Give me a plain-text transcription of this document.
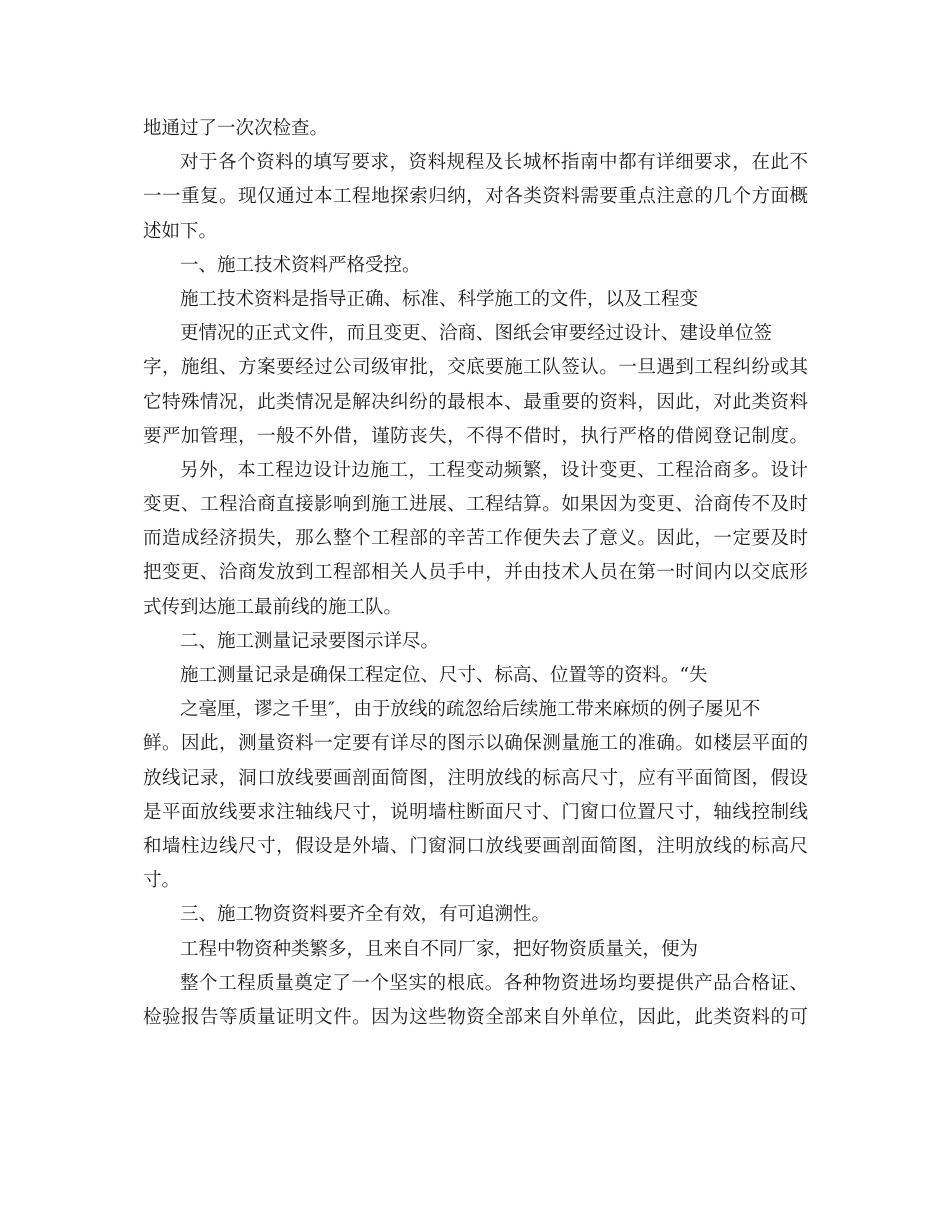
地通过了一次次检查。
对于各个资料的填写要求，资料规程及长城杯指南中都有详细要求，在此不
一一重复。现仅通过本工程地探索归纳，对各类资料需要重点注意的几个方面概
述如下。
一、施工技术资料严格受控。
施工技术资料是指导正确、标准、科学施工的文件，以及工程变
更情况的正式文件，而且变更、洽商、图纸会审要经过设计、建设单位签
字，施组、方案要经过公司级审批，交底要施工队签认。一旦遇到工程纠纷或其
它特殊情况，此类情况是解决纠纷的最根本、最重要的资料，因此，对此类资料
要严加管理，一般不外借，谨防丧失，不得不借时，执行严格的借阅登记制度。
另外，本工程边设计边施工，工程变动频繁，设计变更、工程洽商多。设计
变更、工程洽商直接影响到施工进展、工程结算。如果因为变更、洽商传不及时
而造成经济损失，那么整个工程部的辛苦工作便失去了意义。因此，一定要及时
把变更、洽商发放到工程部相关人员手中，并由技术人员在第一时间内以交底形
式传到达施工最前线的施工队。
二、施工测量记录要图示详尽。
施工测量记录是确保工程定位、尺寸、标高、位置等的资料。“失
之毫厘，谬之千里″，由于放线的疏忽给后续施工带来麻烦的例子屡见不
鲜。因此，测量资料一定要有详尽的图示以确保测量施工的准确。如楼层平面的
放线记录，洞口放线要画剖面简图，注明放线的标高尺寸，应有平面简图，假设
是平面放线要求注轴线尺寸，说明墙柱断面尺寸、门窗口位置尺寸，轴线控制线
和墙柱边线尺寸，假设是外墙、门窗洞口放线要画剖面简图，注明放线的标高尺
寸。
三、施工物资资料要齐全有效，有可追溯性。
工程中物资种类繁多，且来自不同厂家，把好物资质量关，便为
整个工程质量奠定了一个坚实的根底。各种物资进场均要提供产品合格证、
检验报告等质量证明文件。因为这些物资全部来自外单位，因此，此类资料的可
